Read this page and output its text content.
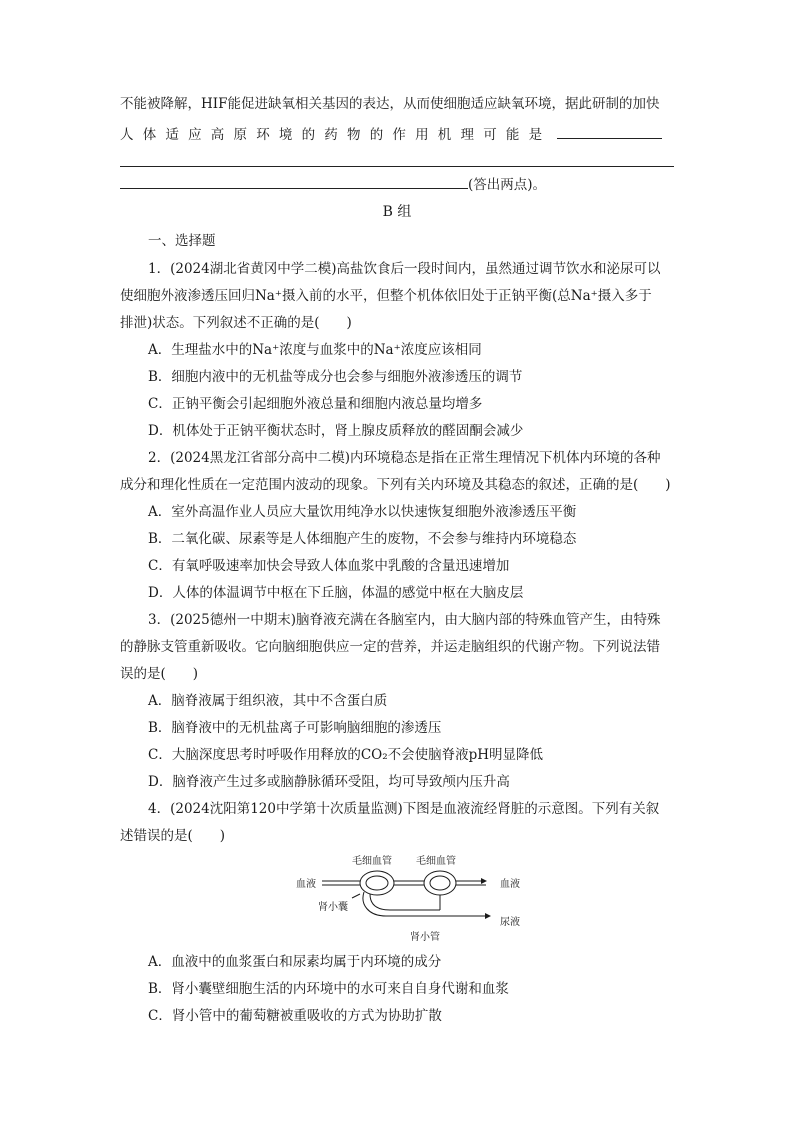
不能被降解，HIF能促进缺氧相关基因的表达，从而使细胞适应缺氧环境，据此研制的加快
人体适应高原环境的药物的作用机理可能是
(答出两点)。
B 组
一、选择题
1．(2024湖北省黄冈中学二模)高盐饮食后一段时间内，虽然通过调节饮水和泌尿可以
使细胞外液渗透压回归Na⁺摄入前的水平，但整个机体依旧处于正钠平衡(总Na⁺摄入多于
排泄)状态。下列叙述不正确的是(　　)
A．生理盐水中的Na⁺浓度与血浆中的Na⁺浓度应该相同
B．细胞内液中的无机盐等成分也会参与细胞外液渗透压的调节
C．正钠平衡会引起细胞外液总量和细胞内液总量均增多
D．机体处于正钠平衡状态时，肾上腺皮质释放的醛固酮会减少
2．(2024黑龙江省部分高中二模)内环境稳态是指在正常生理情况下机体内环境的各种
成分和理化性质在一定范围内波动的现象。下列有关内环境及其稳态的叙述，正确的是(　　)
A．室外高温作业人员应大量饮用纯净水以快速恢复细胞外液渗透压平衡
B．二氧化碳、尿素等是人体细胞产生的废物，不会参与维持内环境稳态
C．有氧呼吸速率加快会导致人体血浆中乳酸的含量迅速增加
D．人体的体温调节中枢在下丘脑，体温的感觉中枢在大脑皮层
3．(2025德州一中期末)脑脊液充满在各脑室内，由大脑内部的特殊血管产生，由特殊
的静脉支管重新吸收。它向脑细胞供应一定的营养，并运走脑组织的代谢产物。下列说法错
误的是(　　)
A．脑脊液属于组织液，其中不含蛋白质
B．脑脊液中的无机盐离子可影响脑细胞的渗透压
C．大脑深度思考时呼吸作用释放的CO₂不会使脑脊液pH明显降低
D．脑脊液产生过多或脑静脉循环受阻，均可导致颅内压升高
4．(2024沈阳第120中学第十次质量监测)下图是血液流经肾脏的示意图。下列有关叙
述错误的是(　　)
毛细血管 毛细血管
血液	血液
肾小囊
尿液
肾小管
A．血液中的血浆蛋白和尿素均属于内环境的成分
B．肾小囊壁细胞生活的内环境中的水可来自自身代谢和血浆
C．肾小管中的葡萄糖被重吸收的方式为协助扩散
